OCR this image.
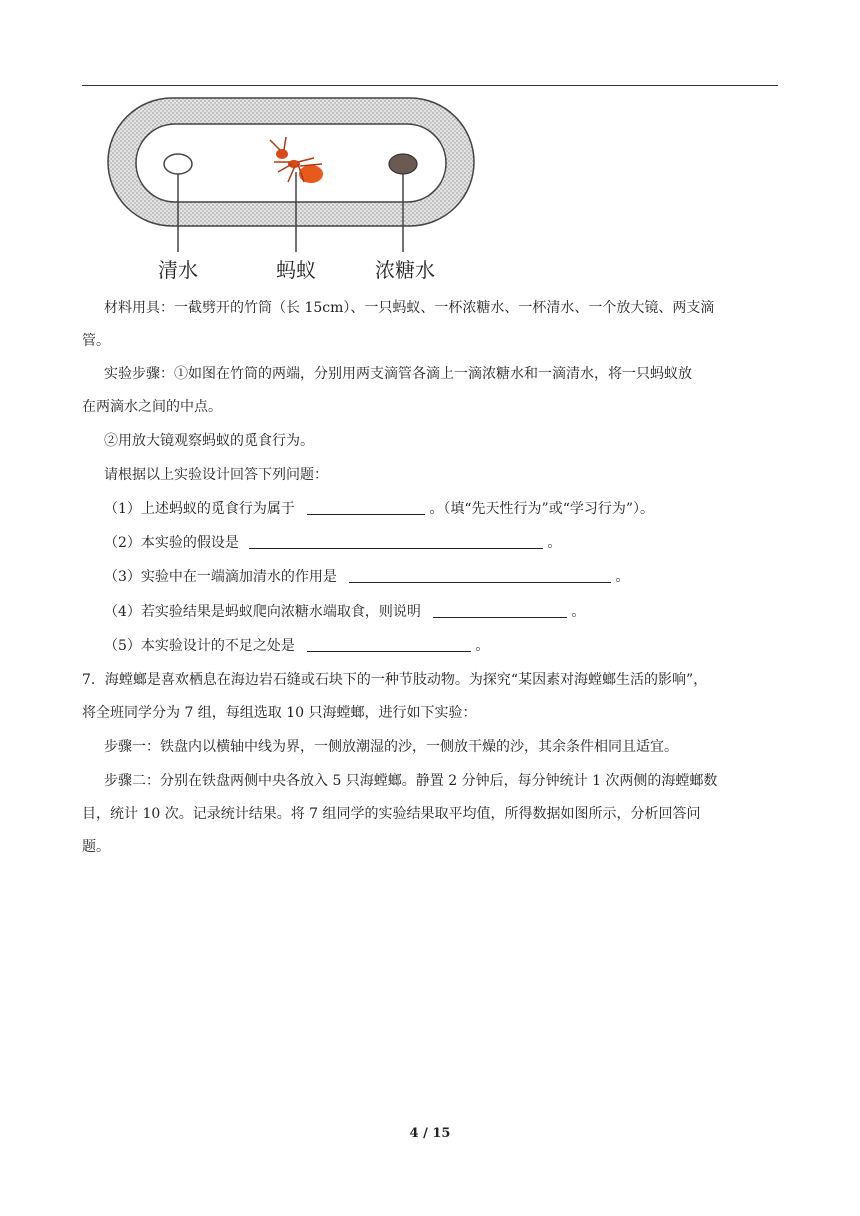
清水	蚂蚁	浓糖水
材料用具：一截劈开的竹筒（长 15cm）、一只蚂蚁、一杯浓糖水、一杯清水、一个放大镜、两支滴
管。
实验步骤：①如图在竹筒的两端，分别用两支滴管各滴上一滴浓糖水和一滴清水，将一只蚂蚁放
在两滴水之间的中点。
②用放大镜观察蚂蚁的觅食行为。
请根据以上实验设计回答下列问题：
（1）上述蚂蚁的觅食行为属于	。（填“先天性行为”或“学习行为”）。
（2）本实验的假设是	。
（3）实验中在一端滴加清水的作用是	。
（4）若实验结果是蚂蚁爬向浓糖水端取食，则说明	。
（5）本实验设计的不足之处是	。
7．海螳螂是喜欢栖息在海边岩石缝或石块下的一种节肢动物。为探究“某因素对海螳螂生活的影响”，
将全班同学分为 7 组，每组选取 10 只海螳螂，进行如下实验：
步骤一：铁盘内以横轴中线为界，一侧放潮湿的沙，一侧放干燥的沙，其余条件相同且适宜。
步骤二：分别在铁盘两侧中央各放入 5 只海螳螂。静置 2 分钟后，每分钟统计 1 次两侧的海螳螂数
目，统计 10 次。记录统计结果。将 7 组同学的实验结果取平均值，所得数据如图所示，分析回答问
题。
4 / 15
